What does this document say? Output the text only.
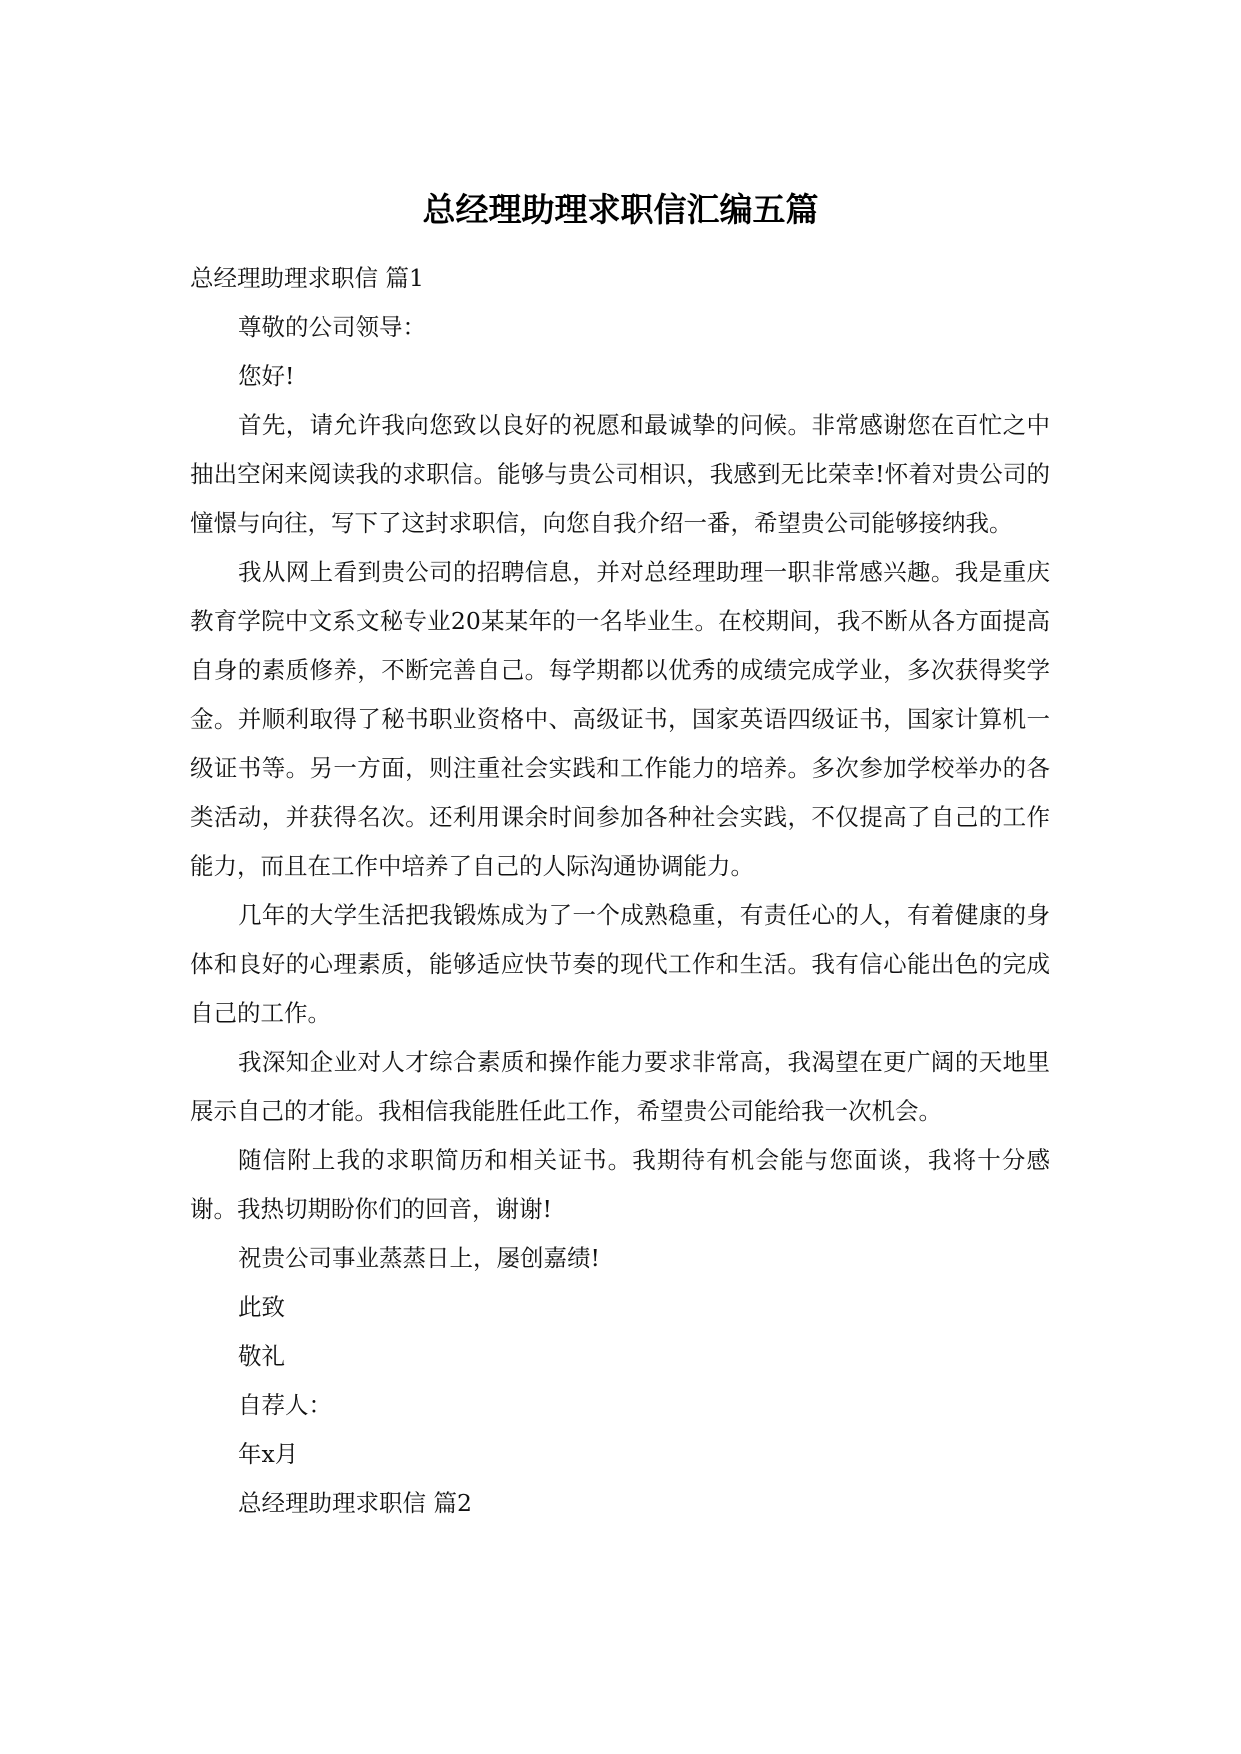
总经理助理求职信汇编五篇

总经理助理求职信 篇1

尊敬的公司领导：

您好!

首先，请允许我向您致以良好的祝愿和最诚挚的问候。非常感谢您在百忙之中抽出空闲来阅读我的求职信。能够与贵公司相识，我感到无比荣幸!怀着对贵公司的憧憬与向往，写下了这封求职信，向您自我介绍一番，希望贵公司能够接纳我。

我从网上看到贵公司的招聘信息，并对总经理助理一职非常感兴趣。我是重庆教育学院中文系文秘专业20某某年的一名毕业生。在校期间，我不断从各方面提高自身的素质修养，不断完善自己。每学期都以优秀的成绩完成学业，多次获得奖学金。并顺利取得了秘书职业资格中、高级证书，国家英语四级证书，国家计算机一级证书等。另一方面，则注重社会实践和工作能力的培养。多次参加学校举办的各类活动，并获得名次。还利用课余时间参加各种社会实践，不仅提高了自己的工作能力，而且在工作中培养了自己的人际沟通协调能力。

几年的大学生活把我锻炼成为了一个成熟稳重，有责任心的人，有着健康的身体和良好的心理素质，能够适应快节奏的现代工作和生活。我有信心能出色的完成自己的工作。

我深知企业对人才综合素质和操作能力要求非常高，我渴望在更广阔的天地里展示自己的才能。我相信我能胜任此工作，希望贵公司能给我一次机会。

随信附上我的求职简历和相关证书。我期待有机会能与您面谈，我将十分感谢。我热切期盼你们的回音，谢谢!

祝贵公司事业蒸蒸日上，屡创嘉绩!

此致

敬礼

自荐人：

年x月

总经理助理求职信 篇2
